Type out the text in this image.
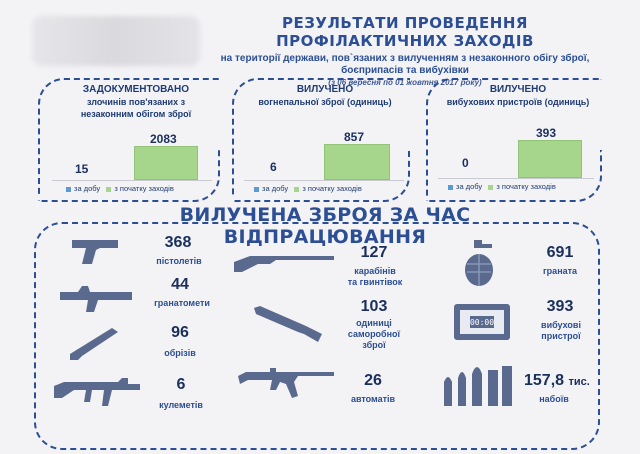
РЕЗУЛЬТАТИ ПРОВЕДЕННЯ ПРОФІЛАКТИЧНИХ ЗАХОДІВ
на території держави, пов`язаних з вилученням з незаконного обігу зброї,
боєприпасів та вибухівки
(з 06 вересня по 01 жовтня 2017 року)
ЗАДОКУМЕНТОВАНО
злочинів пов'язаних з
незаконним обігом зброї
15
2083
за добу з початку заходів
ВИЛУЧЕНО
вогнепальної зброї (одиниць)
6
857
за добу з початку заходів
ВИЛУЧЕНО
вибухових пристроїв (одиниць)
0
393
за добу з початку заходів
ВИЛУЧЕНА ЗБРОЯ ЗА ЧАС ВІДПРАЦЮВАННЯ
368
пістолетів
44
гранатомети
96
обрізів
6
кулеметів
127
карабінів
та гвинтівок
103
одиниці
саморобної
зброї
26
автоматів
691
граната
00:00
393
вибухові
пристрої
157,8 тис.
набоїв
